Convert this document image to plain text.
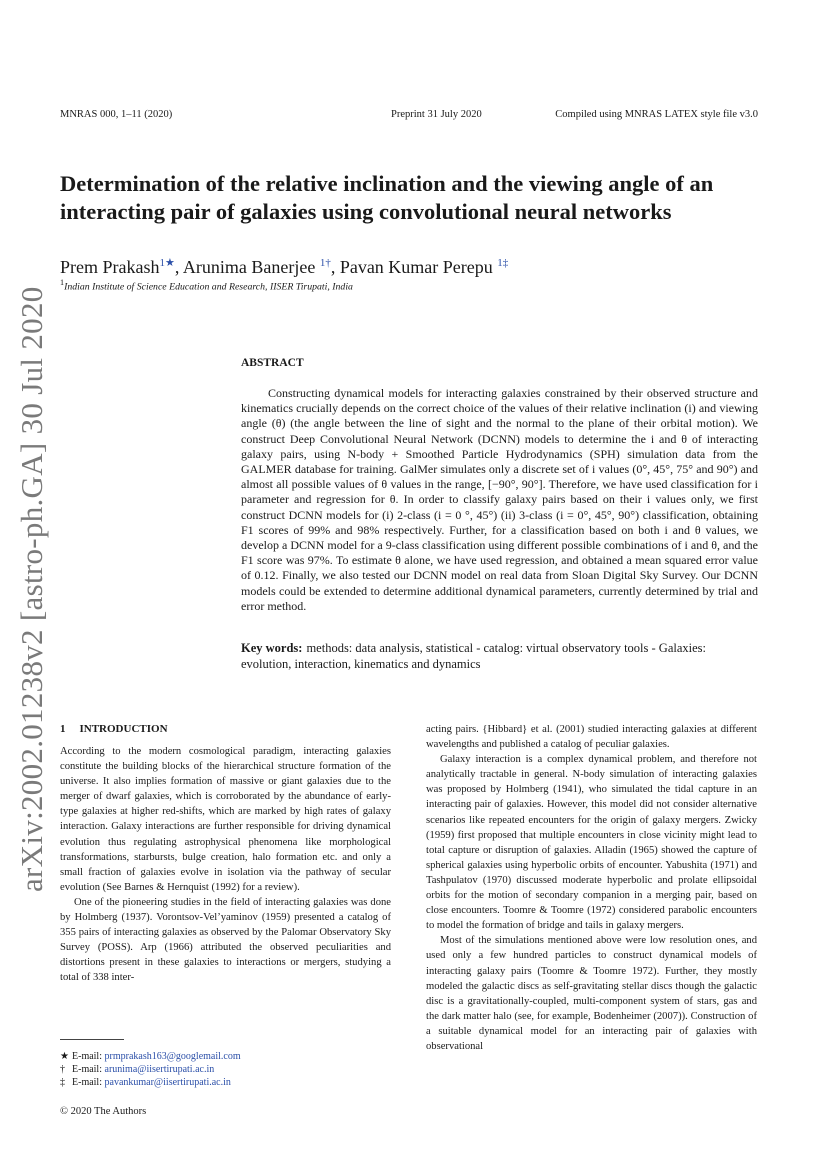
MNRAS 000, 1–11 (2020)	Preprint 31 July 2020	Compiled using MNRAS LATEX style file v3.0
arXiv:2002.01238v2 [astro-ph.GA] 30 Jul 2020
Determination of the relative inclination and the viewing angle of an interacting pair of galaxies using convolutional neural networks
Prem Prakash$^{1★}$, Arunima Banerjee $^{1\dagger}$, Pavan Kumar Perepu $^{1\ddagger}$
$^1$Indian Institute of Science Education and Research, IISER Tirupati, India
ABSTRACT

Constructing dynamical models for interacting galaxies constrained by their observed structure and kinematics crucially depends on the correct choice of the values of their relative inclination (i) and viewing angle (θ) (the angle between the line of sight and the normal to the plane of their orbital motion). We construct Deep Convolutional Neural Network (DCNN) models to determine the i and θ of interacting galaxy pairs, using N-body + Smoothed Particle Hydrodynamics (SPH) simulation data from the GALMER database for training. GalMer simulates only a discrete set of i values (0°, 45°, 75° and 90°) and almost all possible values of θ values in the range, [−90°, 90°]. Therefore, we have used classification for i parameter and regression for θ. In order to classify galaxy pairs based on their i values only, we first construct DCNN models for (i) 2-class (i = 0 °, 45°) (ii) 3-class (i = 0°, 45°, 90°) classification, obtaining F1 scores of 99% and 98% respectively. Further, for a classification based on both i and θ values, we develop a DCNN model for a 9-class classification using different possible combinations of i and θ, and the F1 score was 97%. To estimate θ alone, we have used regression, and obtained a mean squared error value of 0.12. Finally, we also tested our DCNN model on real data from Sloan Digital Sky Survey. Our DCNN models could be extended to determine additional dynamical parameters, currently determined by trial and error method.

Key words: methods: data analysis, statistical - catalog: virtual observatory tools - Galaxies: evolution, interaction, kinematics and dynamics

1 INTRODUCTION

According to the modern cosmological paradigm, interacting galaxies constitute the building blocks of the hierarchical structure formation of the universe. It also implies formation of massive or giant galaxies due to the merger of dwarf galaxies, which is corroborated by the abundance of early-type galaxies at higher red-shifts, which are marked by high rates of galaxy interaction. Galaxy interactions are further responsible for driving dynamical evolution thus regulating astrophysical phenomena like morphological transformations, starbursts, bulge creation, halo formation etc. and only a small fraction of galaxies evolve in isolation via the pathway of secular evolution (See Barnes & Hernquist (1992) for a review).

One of the pioneering studies in the field of interacting galaxies was done by Holmberg (1937). Vorontsov-Vel’yaminov (1959) presented a catalog of 355 pairs of interacting galaxies as observed by the Palomar Observatory Sky Survey (POSS). Arp (1966) attributed the observed peculiarities and distortions present in these galaxies to interactions or mergers, studying a total of 338 inter-

acting pairs. {Hibbard} et al. (2001) studied interacting galaxies at different wavelengths and published a catalog of peculiar galaxies.

Galaxy interaction is a complex dynamical problem, and therefore not analytically tractable in general. N-body simulation of interacting galaxies was proposed by Holmberg (1941), who simulated the tidal capture in an interacting pair of galaxies. However, this model did not consider alternative scenarios like repeated encounters for the origin of galaxy mergers. Zwicky (1959) first proposed that multiple encounters in close vicinity might lead to total capture or disruption of galaxies. Alladin (1965) showed the capture of spherical galaxies using hyperbolic orbits of encounter. Yabushita (1971) and Tashpulatov (1970) discussed moderate hyperbolic and prolate ellipsoidal orbits for the motion of secondary companion in a merging pair, based on close encounters. Toomre & Toomre (1972) considered parabolic encounters to model the formation of bridge and tails in galaxy mergers.

Most of the simulations mentioned above were low resolution ones, and used only a few hundred particles to construct dynamical models of interacting galaxy pairs (Toomre & Toomre 1972). Further, they mostly modeled the galactic discs as self-gravitating stellar discs though the galactic disc is a gravitationally-coupled, multi-component system of stars, gas and the dark matter halo (see, for example, Bodenheimer (2007)). Construction of a suitable dynamical model for an interacting pair of galaxies with observational

★ E-mail: prmprakash163@googlemail.com
† E-mail: arunima@iisertirupati.ac.in
‡ E-mail: pavankumar@iisertirupati.ac.in
© 2020 The Authors
